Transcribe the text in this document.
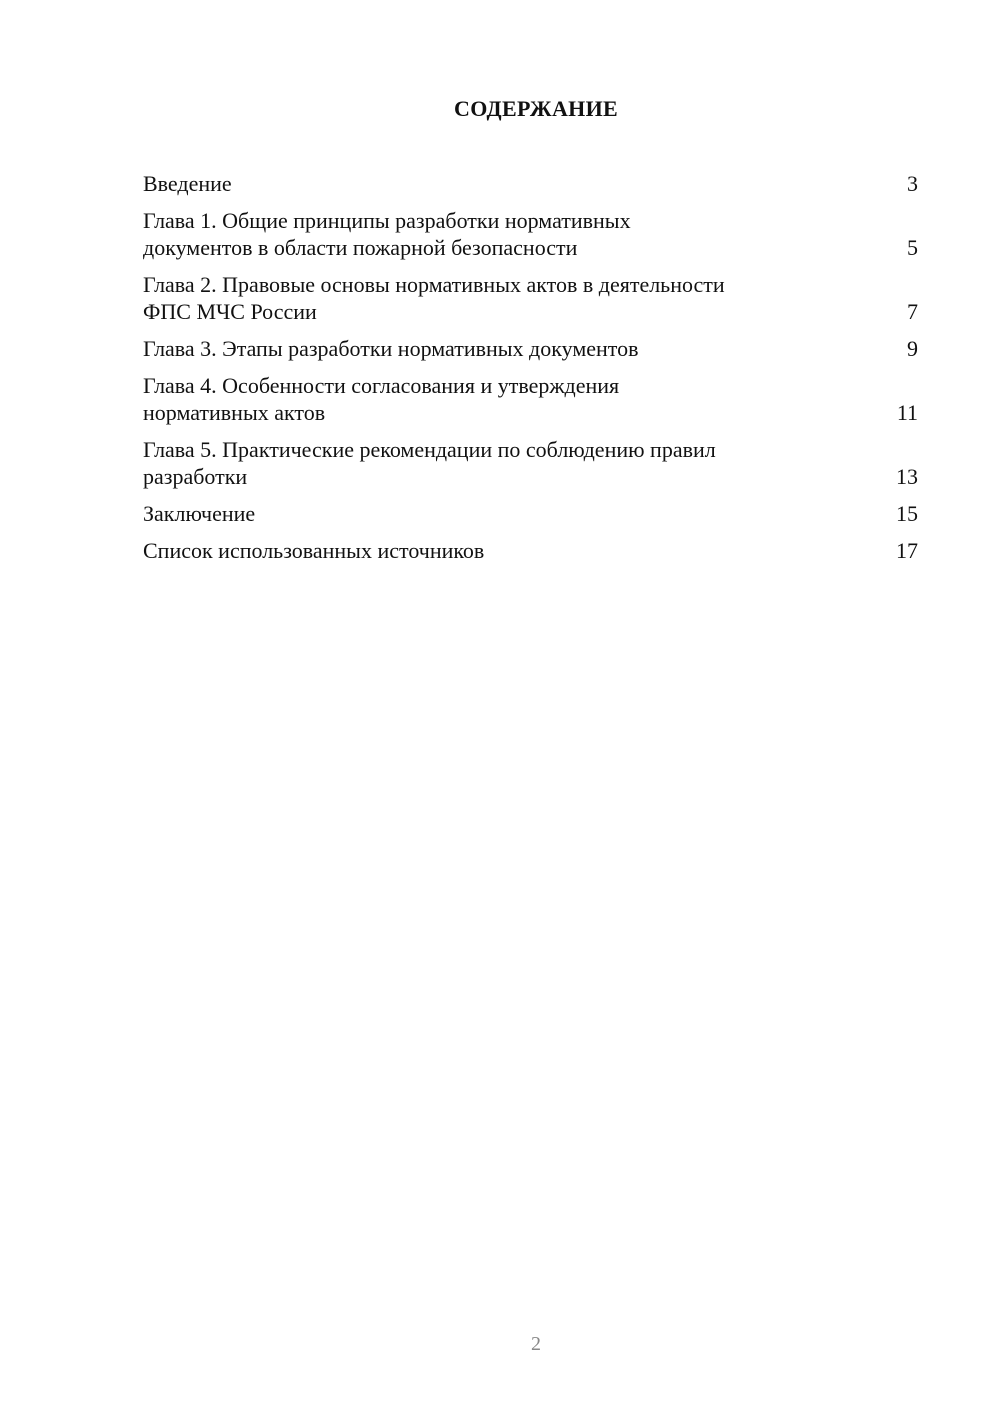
СОДЕРЖАНИЕ
Введение	3
Глава 1. Общие принципы разработки нормативных
документов в области пожарной безопасности	5
Глава 2. Правовые основы нормативных актов в деятельности
ФПС МЧС России	7
Глава 3. Этапы разработки нормативных документов	9
Глава 4. Особенности согласования и утверждения
нормативных актов	11
Глава 5. Практические рекомендации по соблюдению правил
разработки	13
Заключение	15
Список использованных источников	17
2
